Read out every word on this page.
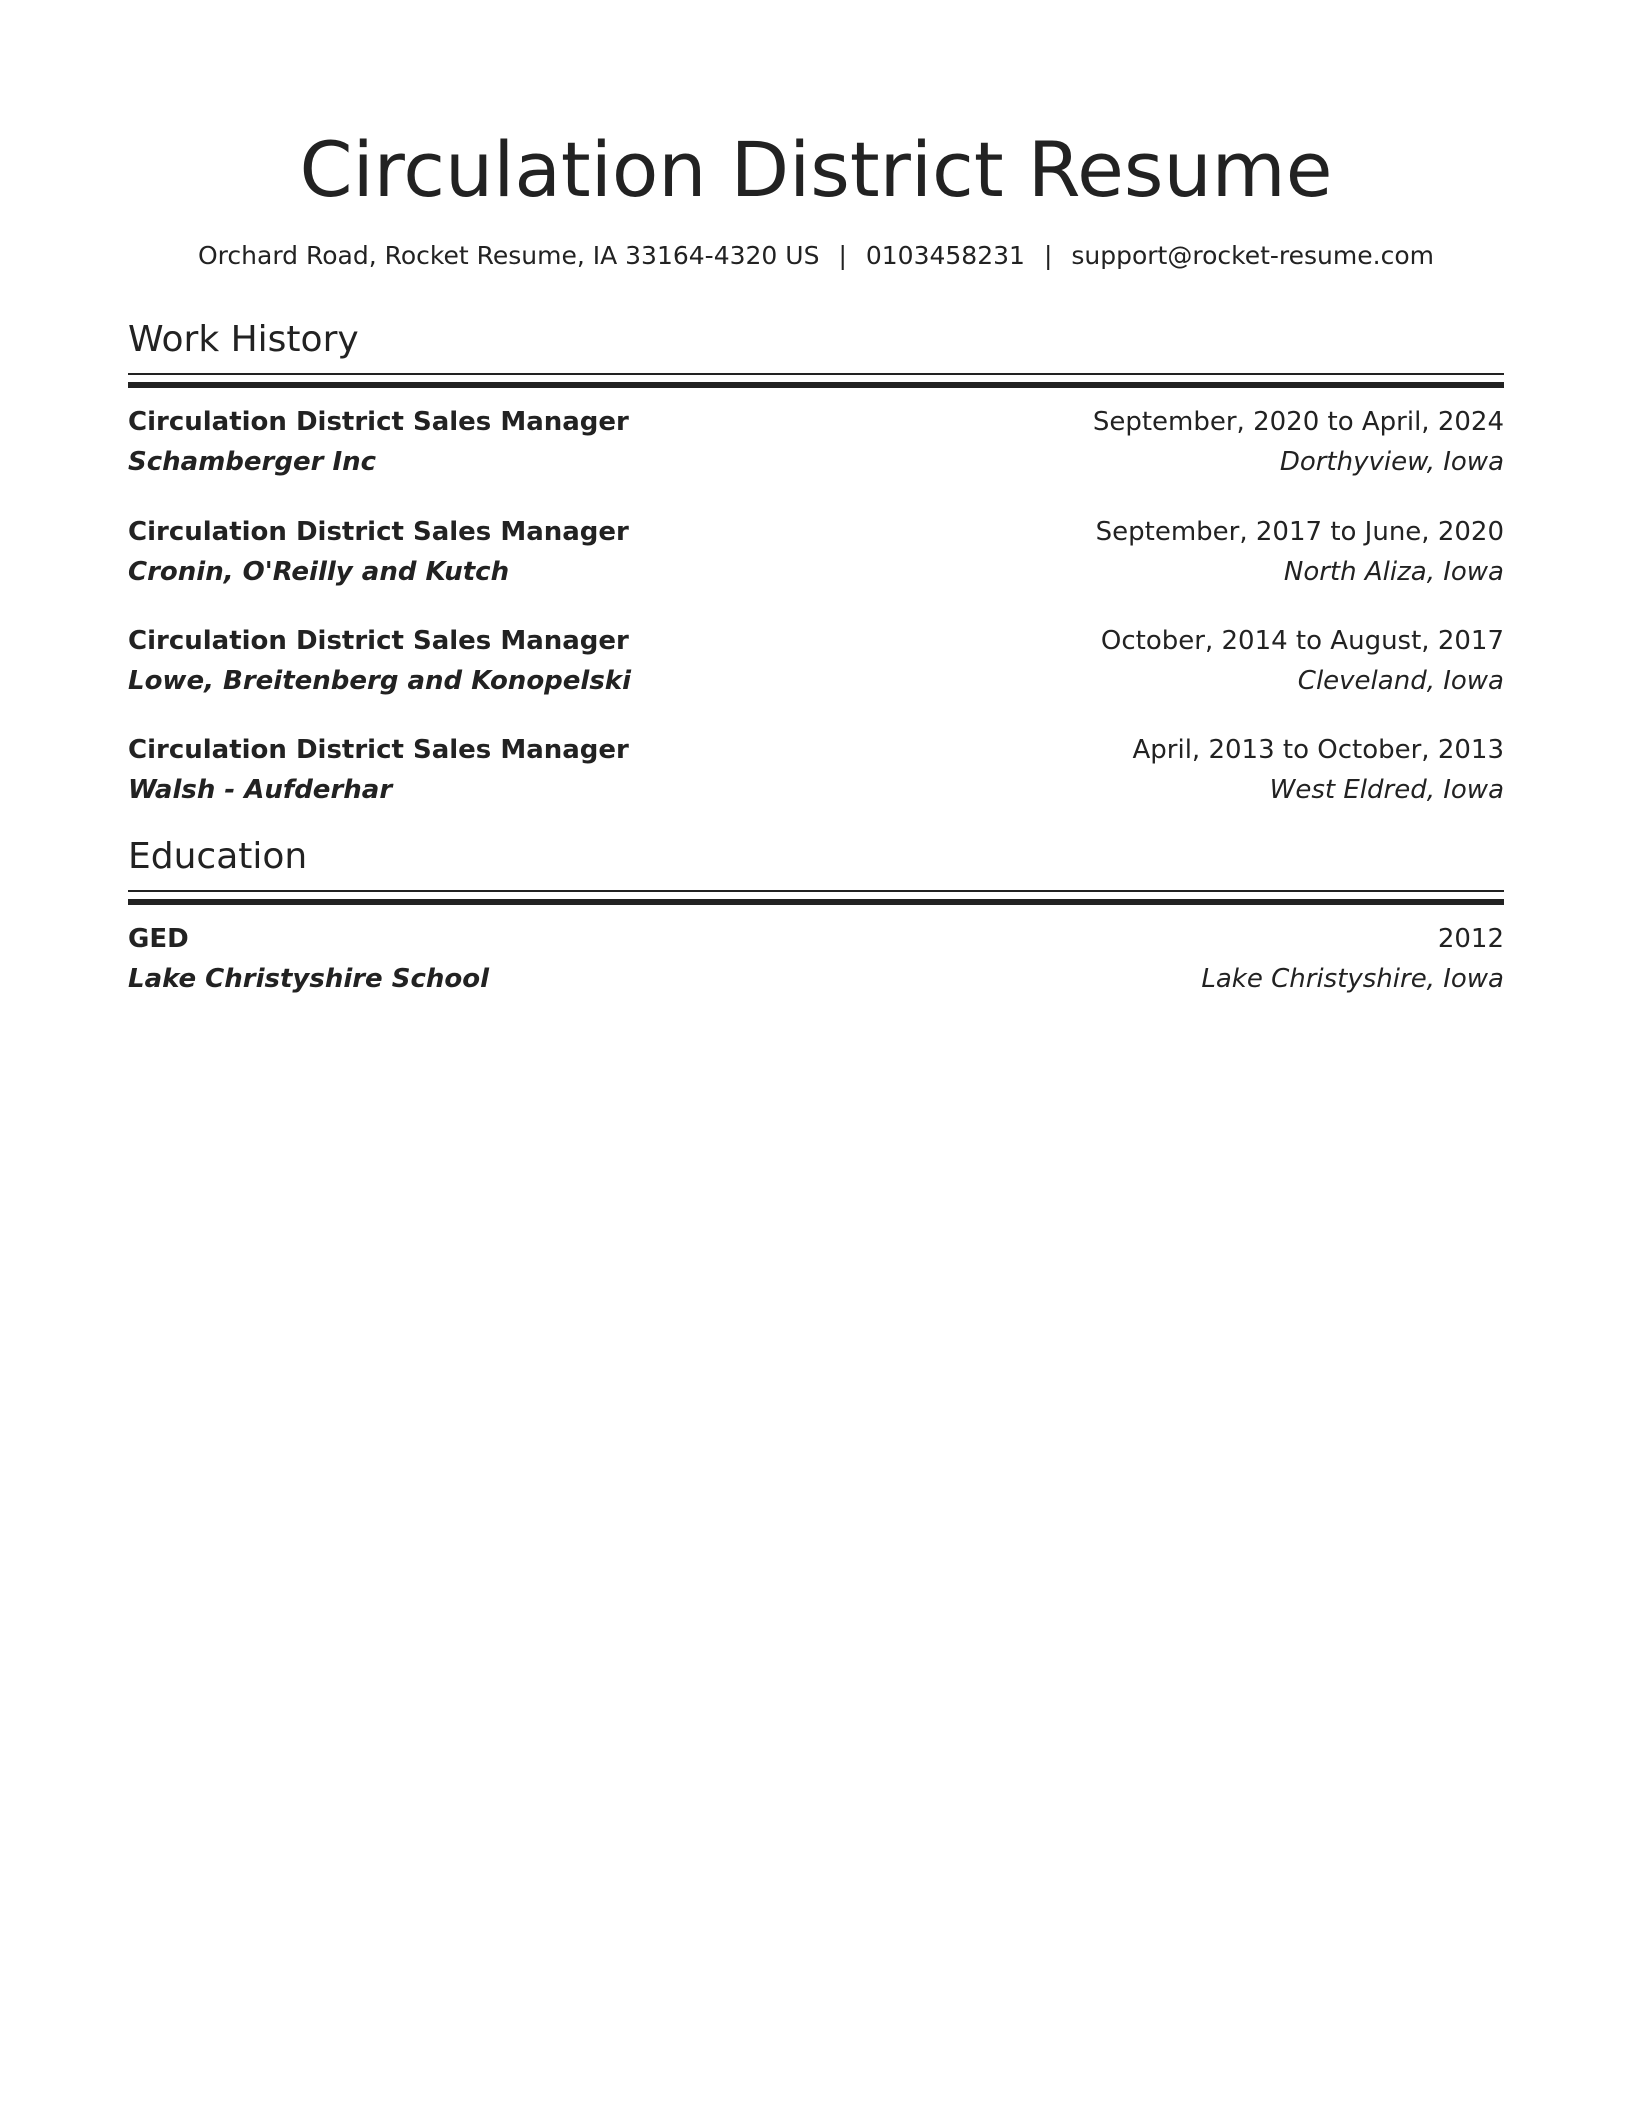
Circulation District Resume
Orchard Road, Rocket Resume, IA 33164-4320 US | 0103458231 | support@rocket-resume.com
Work History
Circulation District Sales Manager	September, 2020 to April, 2024
Schamberger Inc	Dorthyview, Iowa
Circulation District Sales Manager	September, 2017 to June, 2020
Cronin, O'Reilly and Kutch	North Aliza, Iowa
Circulation District Sales Manager	October, 2014 to August, 2017
Lowe, Breitenberg and Konopelski	Cleveland, Iowa
Circulation District Sales Manager	April, 2013 to October, 2013
Walsh - Aufderhar	West Eldred, Iowa
Education
GED	2012
Lake Christyshire School	Lake Christyshire, Iowa
